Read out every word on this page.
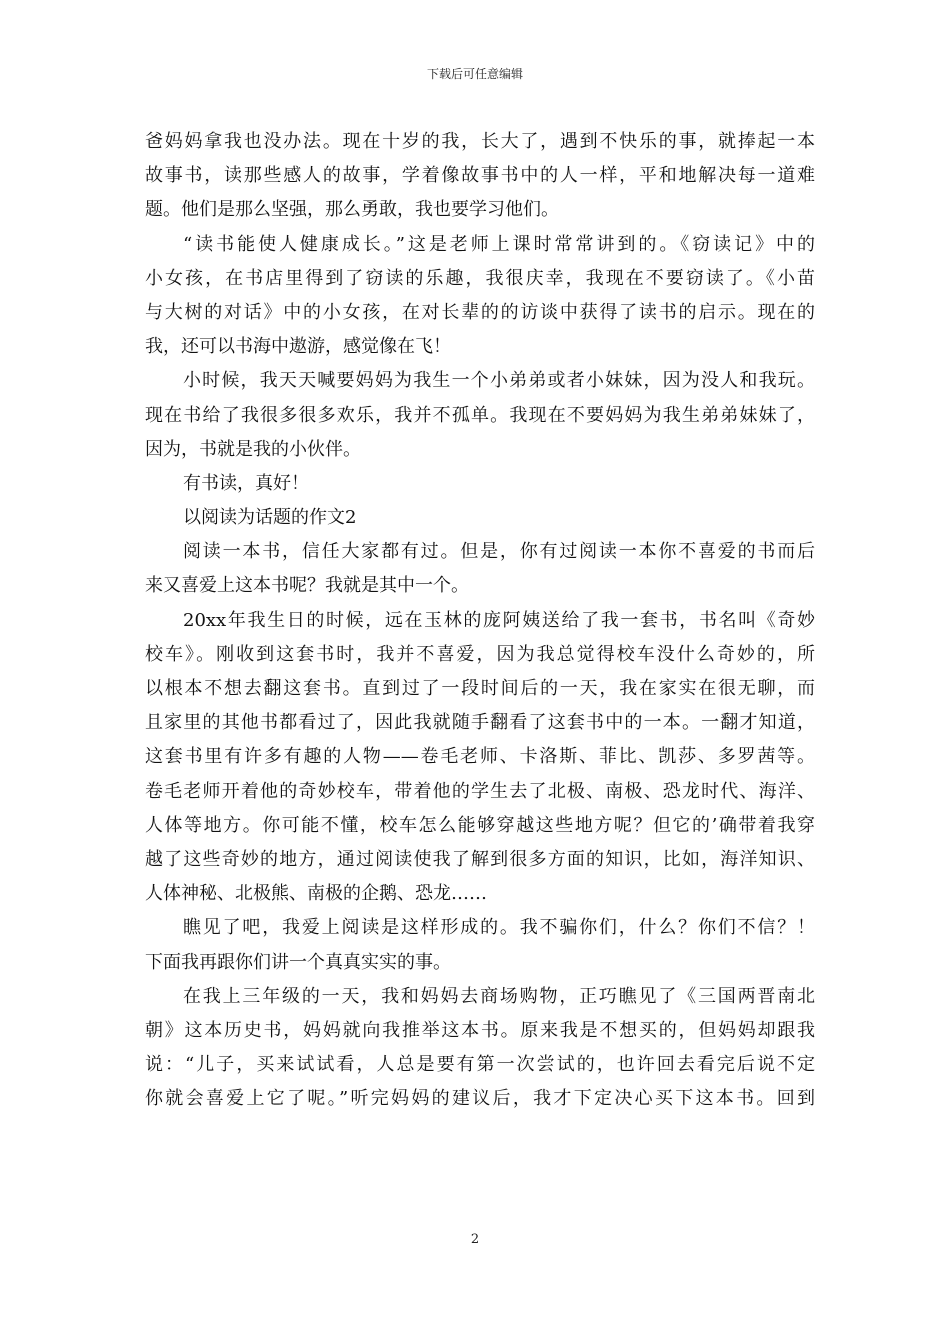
下载后可任意编辑
爸妈妈拿我也没办法。现在十岁的我，长大了，遇到不快乐的事，就捧起一本
故事书，读那些感人的故事，学着像故事书中的人一样，平和地解决每一道难
题。他们是那么坚强，那么勇敢，我也要学习他们。
“读书能使人健康成长。”这是老师上课时常常讲到的。《窃读记》中的
小女孩，在书店里得到了窃读的乐趣，我很庆幸，我现在不要窃读了。《小苗
与大树的对话》中的小女孩，在对长辈的的访谈中获得了读书的启示。现在的
我，还可以书海中遨游，感觉像在飞！
小时候，我天天喊要妈妈为我生一个小弟弟或者小妹妹，因为没人和我玩。
现在书给了我很多很多欢乐，我并不孤单。我现在不要妈妈为我生弟弟妹妹了，
因为，书就是我的小伙伴。
有书读，真好！
以阅读为话题的作文2
阅读一本书，信任大家都有过。但是，你有过阅读一本你不喜爱的书而后
来又喜爱上这本书呢？我就是其中一个。
20xx年我生日的时候，远在玉林的庞阿姨送给了我一套书，书名叫《奇妙
校车》。刚收到这套书时，我并不喜爱，因为我总觉得校车没什么奇妙的，所
以根本不想去翻这套书。直到过了一段时间后的一天，我在家实在很无聊，而
且家里的其他书都看过了，因此我就随手翻看了这套书中的一本。一翻才知道，
这套书里有许多有趣的人物——卷毛老师、卡洛斯、菲比、凯莎、多罗茜等。
卷毛老师开着他的奇妙校车，带着他的学生去了北极、南极、恐龙时代、海洋、
人体等地方。你可能不懂，校车怎么能够穿越这些地方呢？但它的’确带着我穿
越了这些奇妙的地方，通过阅读使我了解到很多方面的知识，比如，海洋知识、
人体神秘、北极熊、南极的企鹅、恐龙……
瞧见了吧，我爱上阅读是这样形成的。我不骗你们，什么？你们不信？！
下面我再跟你们讲一个真真实实的事。
在我上三年级的一天，我和妈妈去商场购物，正巧瞧见了《三国两晋南北
朝》这本历史书，妈妈就向我推举这本书。原来我是不想买的，但妈妈却跟我
说：“儿子，买来试试看，人总是要有第一次尝试的，也许回去看完后说不定
你就会喜爱上它了呢。”听完妈妈的建议后，我才下定决心买下这本书。回到
2
